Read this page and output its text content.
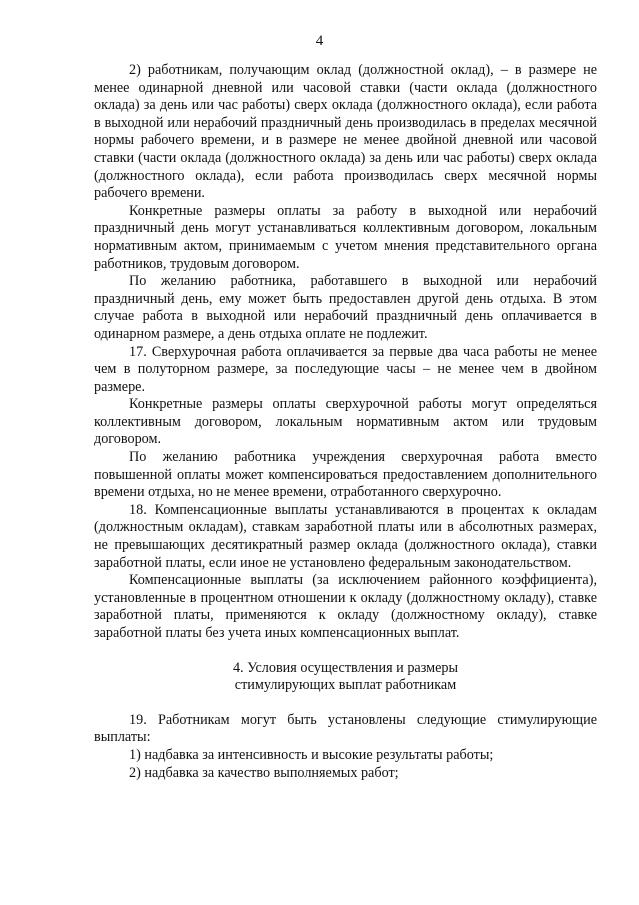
4

2) работникам, получающим оклад (должностной оклад), – в размере не менее одинарной дневной или часовой ставки (части оклада (должностного оклада) за день или час работы) сверх оклада (должностного оклада), если работа в выходной или нерабочий праздничный день производилась в пределах месячной нормы рабочего времени, и в размере не менее двойной дневной или часовой ставки (части оклада (должностного оклада) за день или час работы) сверх оклада (должностного оклада), если работа производилась сверх месячной нормы рабочего времени.

Конкретные размеры оплаты за работу в выходной или нерабочий праздничный день могут устанавливаться коллективным договором, локальным нормативным актом, принимаемым с учетом мнения представительного органа работников, трудовым договором.

По желанию работника, работавшего в выходной или нерабочий праздничный день, ему может быть предоставлен другой день отдыха. В этом случае работа в выходной или нерабочий праздничный день оплачивается в одинарном размере, а день отдыха оплате не подлежит.

17. Сверхурочная работа оплачивается за первые два часа работы не менее чем в полуторном размере, за последующие часы – не менее чем в двойном размере.

Конкретные размеры оплаты сверхурочной работы могут определяться коллективным договором, локальным нормативным актом или трудовым договором.

По желанию работника учреждения сверхурочная работа вместо повышенной оплаты может компенсироваться предоставлением дополнительного времени отдыха, но не менее времени, отработанного сверхурочно.

18. Компенсационные выплаты устанавливаются в процентах к окладам (должностным окладам), ставкам заработной платы или в абсолютных размерах, не превышающих десятикратный размер оклада (должностного оклада), ставки заработной платы, если иное не установлено федеральным законодательством.

Компенсационные выплаты (за исключением районного коэффициента), установленные в процентном отношении к окладу (должностному окладу), ставке заработной платы, применяются к окладу (должностному окладу), ставке заработной платы без учета иных компенсационных выплат.

4. Условия осуществления и размеры
стимулирующих выплат работникам

19. Работникам могут быть установлены следующие стимулирующие выплаты:

1) надбавка за интенсивность и высокие результаты работы;

2) надбавка за качество выполняемых работ;
